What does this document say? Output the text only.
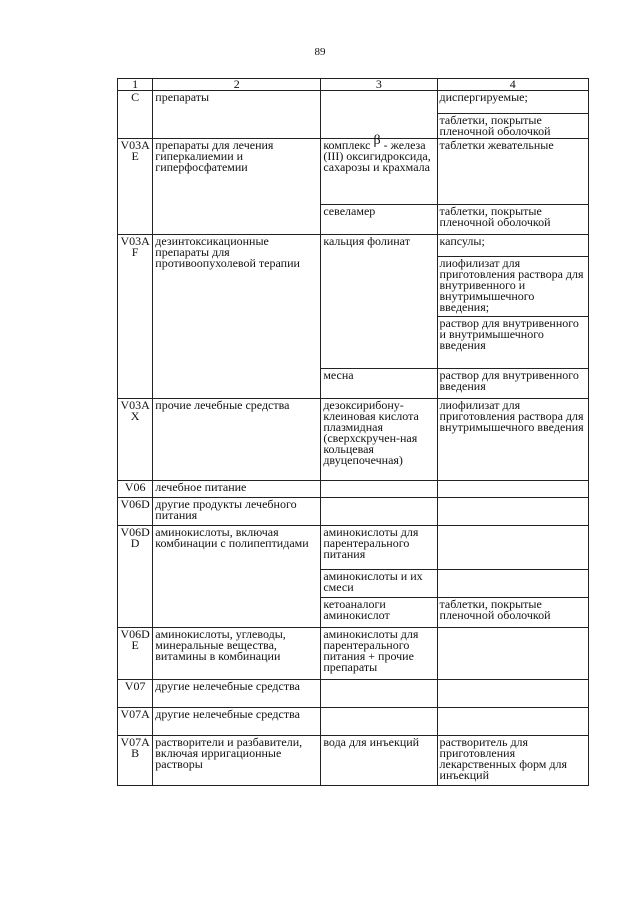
89
1	2	3	4
C	препараты		диспергируемые;
			таблетки, покрытые пленочной оболочкой
V03A E	препараты для лечения гиперкалиемии и гиперфосфатемии	комплекс β - железа (III) оксигидроксида, сахарозы и крахмала	таблетки жевательные
		севеламер	таблетки, покрытые пленочной оболочкой
V03A F	дезинтоксикационные препараты для противоопухолевой терапии	кальция фолинат	капсулы;
			лиофилизат для приготовления раствора для внутривенного и внутримышечного введения;
			раствор для внутривенного и внутримышечного введения
		месна	раствор для внутривенного введения
V03A X	прочие лечебные средства	дезоксирибону-клеиновая кислота плазмидная (сверхскручен-ная кольцевая двуцепочечная)	лиофилизат для приготовления раствора для внутримышечного введения
V06	лечебное питание		
V06D	другие продукты лечебного питания		
V06D D	аминокислоты, включая комбинации с полипептидами	аминокислоты для парентерального питания	
		аминокислоты и их смеси	
		кетоаналоги аминокислот	таблетки, покрытые пленочной оболочкой
V06D E	аминокислоты, углеводы, минеральные вещества, витамины в комбинации	аминокислоты для парентерального питания + прочие препараты	
V07	другие нелечебные средства		
V07A	другие нелечебные средства		
V07A B	растворители и разбавители, включая ирригационные растворы	вода для инъекций	растворитель для приготовления лекарственных форм для инъекций
